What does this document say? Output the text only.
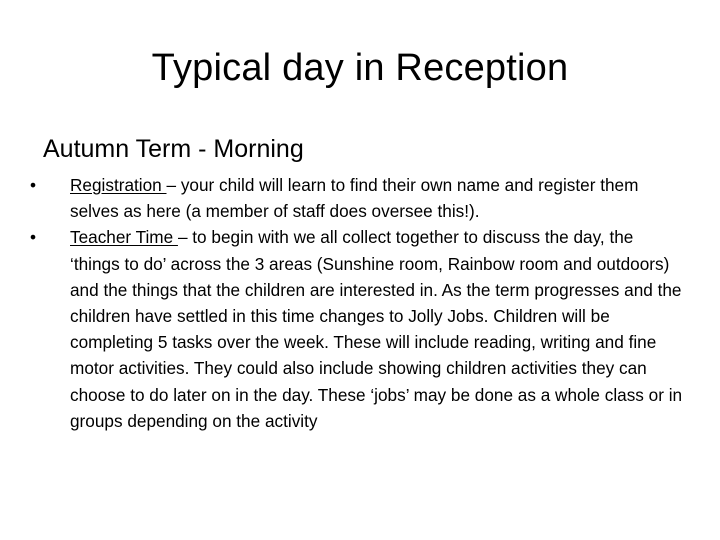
Typical day in Reception
Autumn Term - Morning
• Registration – your child will learn to find their own name and register them selves as here (a member of staff does oversee this!).
• Teacher Time – to begin with we all collect together to discuss the day, the ‘things to do’ across the 3 areas (Sunshine room, Rainbow room and outdoors) and the things that the children are interested in. As the term progresses and the children have settled in this time changes to Jolly Jobs. Children will be completing 5 tasks over the week. These will include reading, writing and fine motor activities. They could also include showing children activities they can choose to do later on in the day. These ‘jobs’ may be done as a whole class or in groups depending on the activity
